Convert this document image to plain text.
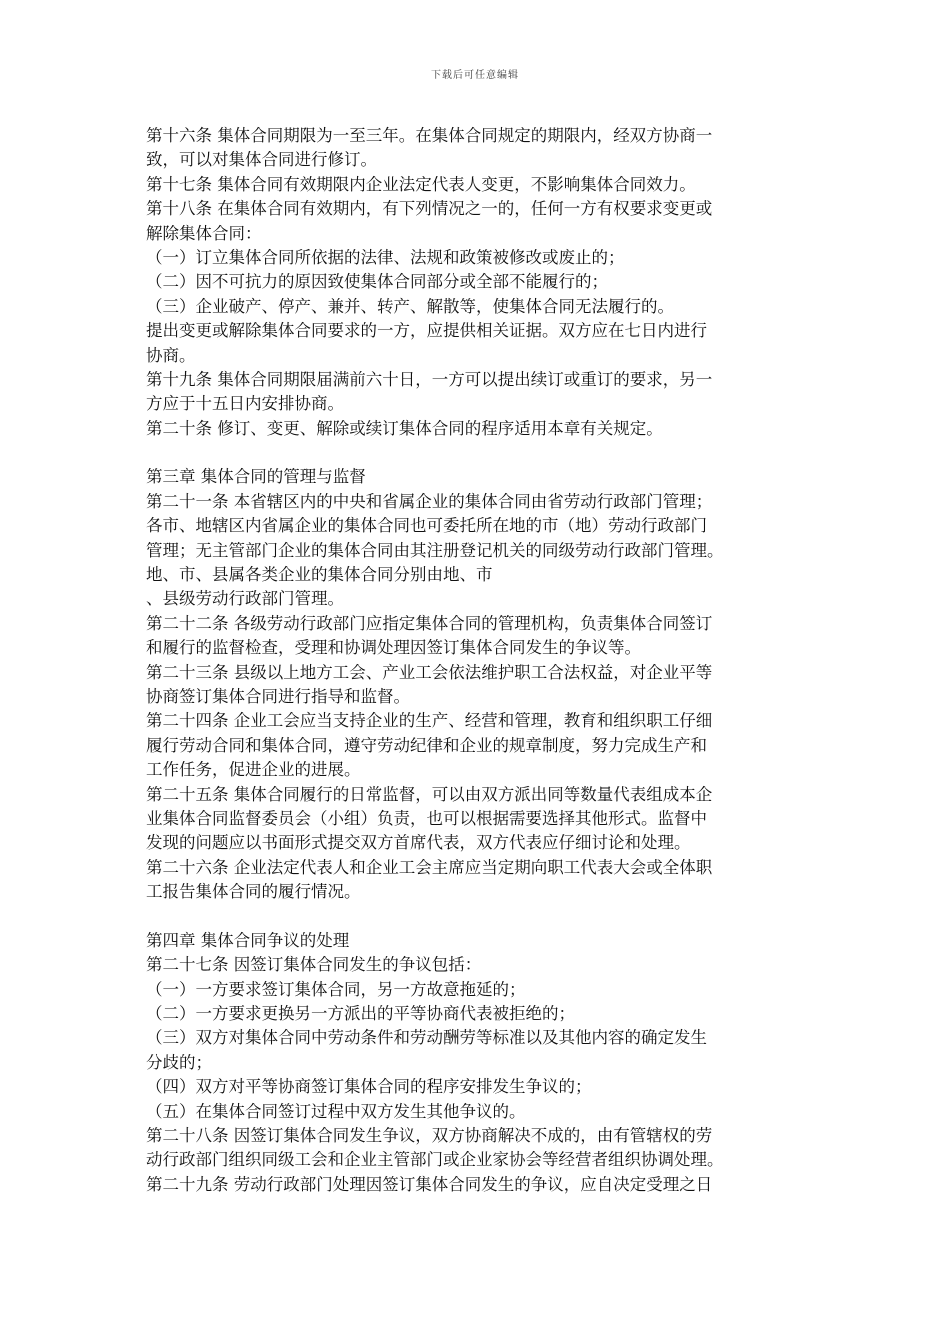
下载后可任意编辑
第十六条 集体合同期限为一至三年。在集体合同规定的期限内，经双方协商一
致，可以对集体合同进行修订。
第十七条 集体合同有效期限内企业法定代表人变更，不影响集体合同效力。
第十八条 在集体合同有效期内，有下列情况之一的，任何一方有权要求变更或
解除集体合同：
（一）订立集体合同所依据的法律、法规和政策被修改或废止的；
（二）因不可抗力的原因致使集体合同部分或全部不能履行的；
（三）企业破产、停产、兼并、转产、解散等，使集体合同无法履行的。
提出变更或解除集体合同要求的一方，应提供相关证据。双方应在七日内进行
协商。
第十九条 集体合同期限届满前六十日，一方可以提出续订或重订的要求，另一
方应于十五日内安排协商。
第二十条 修订、变更、解除或续订集体合同的程序适用本章有关规定。
第三章 集体合同的管理与监督
第二十一条 本省辖区内的中央和省属企业的集体合同由省劳动行政部门管理；
各市、地辖区内省属企业的集体合同也可委托所在地的市（地）劳动行政部门
管理；无主管部门企业的集体合同由其注册登记机关的同级劳动行政部门管理。
地、市、县属各类企业的集体合同分别由地、市
、县级劳动行政部门管理。
第二十二条 各级劳动行政部门应指定集体合同的管理机构，负责集体合同签订
和履行的监督检查，受理和协调处理因签订集体合同发生的争议等。
第二十三条 县级以上地方工会、产业工会依法维护职工合法权益，对企业平等
协商签订集体合同进行指导和监督。
第二十四条 企业工会应当支持企业的生产、经营和管理，教育和组织职工仔细
履行劳动合同和集体合同，遵守劳动纪律和企业的规章制度，努力完成生产和
工作任务，促进企业的进展。
第二十五条 集体合同履行的日常监督，可以由双方派出同等数量代表组成本企
业集体合同监督委员会（小组）负责，也可以根据需要选择其他形式。监督中
发现的问题应以书面形式提交双方首席代表，双方代表应仔细讨论和处理。
第二十六条 企业法定代表人和企业工会主席应当定期向职工代表大会或全体职
工报告集体合同的履行情况。
第四章 集体合同争议的处理
第二十七条 因签订集体合同发生的争议包括：
（一）一方要求签订集体合同，另一方故意拖延的；
（二）一方要求更换另一方派出的平等协商代表被拒绝的；
（三）双方对集体合同中劳动条件和劳动酬劳等标准以及其他内容的确定发生
分歧的；
（四）双方对平等协商签订集体合同的程序安排发生争议的；
（五）在集体合同签订过程中双方发生其他争议的。
第二十八条 因签订集体合同发生争议，双方协商解决不成的，由有管辖权的劳
动行政部门组织同级工会和企业主管部门或企业家协会等经营者组织协调处理。
第二十九条 劳动行政部门处理因签订集体合同发生的争议，应自决定受理之日
